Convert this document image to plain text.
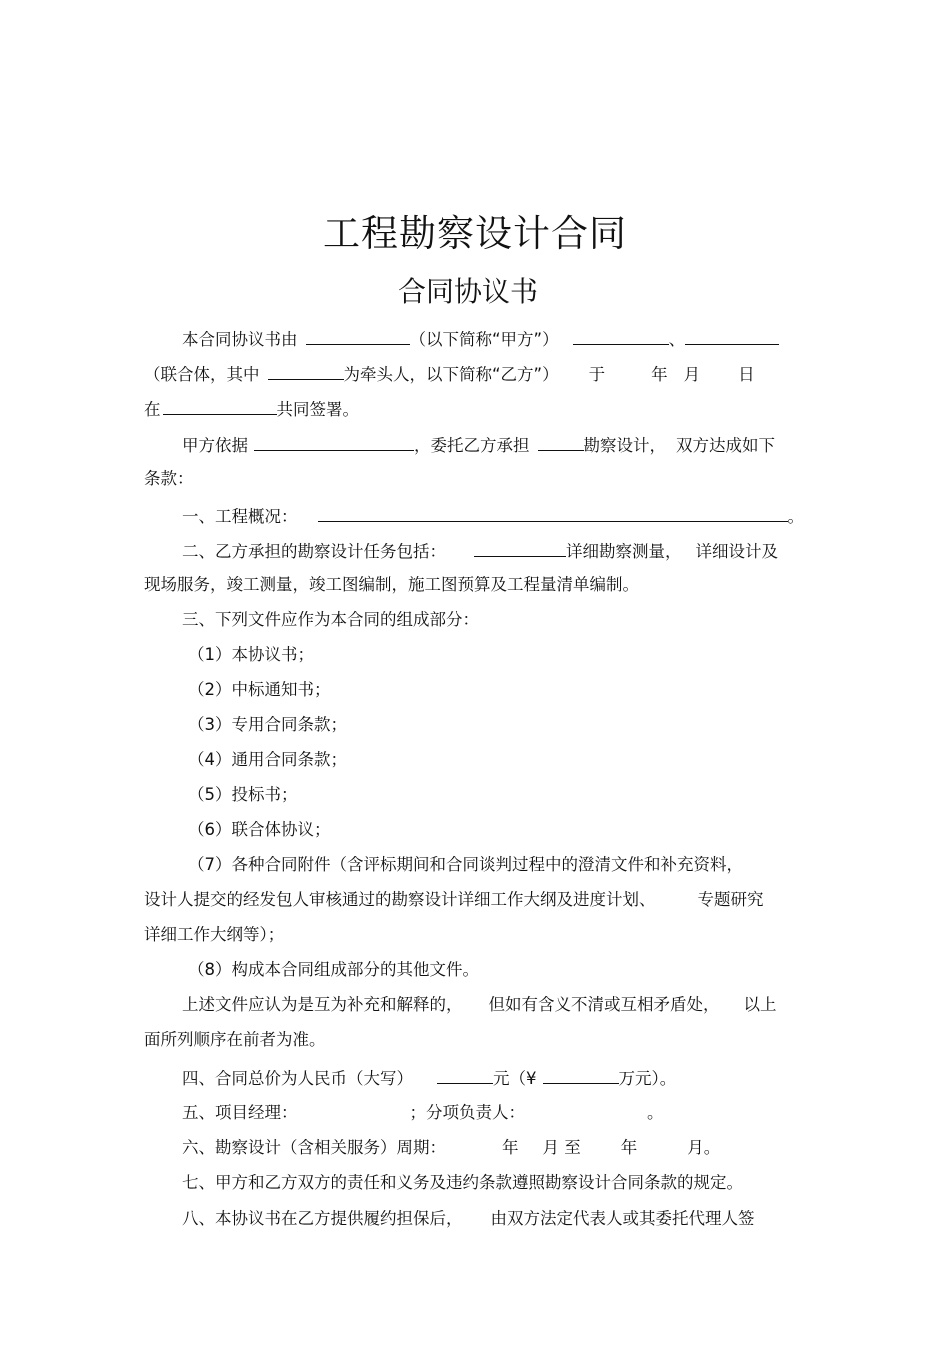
工程勘察设计合同
合同协议书
本合同协议书由	（以下简称“甲方”）	、
（联合体，其中	为牵头人，以下简称“乙方”） 于	年 月 日
在	共同签署。
甲方依据	，委托乙方承担	勘察设计， 双方达成如下
条款：
一、工程概况：	。
二、乙方承担的勘察设计任务包括：	详细勘察测量， 详细设计及
现场服务，竣工测量，竣工图编制，施工图预算及工程量清单编制。
三、下列文件应作为本合同的组成部分：
（1）本协议书；
（2）中标通知书；
（3）专用合同条款；
（4）通用合同条款；
（5）投标书；
（6）联合体协议；
（7）各种合同附件（含评标期间和合同谈判过程中的澄清文件和补充资料，
设计人提交的经发包人审核通过的勘察设计详细工作大纲及进度计划、	专题研究
详细工作大纲等）；
（8）构成本合同组成部分的其他文件。
上述文件应认为是互为补充和解释的， 但如有含义不清或互相矛盾处， 以上
面所列顺序在前者为准。
四、合同总价为人民币（大写）	元（¥	万元）。
五、项目经理：	；分项负责人：	。
六、勘察设计（含相关服务）周期：	年 月 至 年	月。
七、甲方和乙方双方的责任和义务及违约条款遵照勘察设计合同条款的规定。
八、本协议书在乙方提供履约担保后， 由双方法定代表人或其委托代理人签
